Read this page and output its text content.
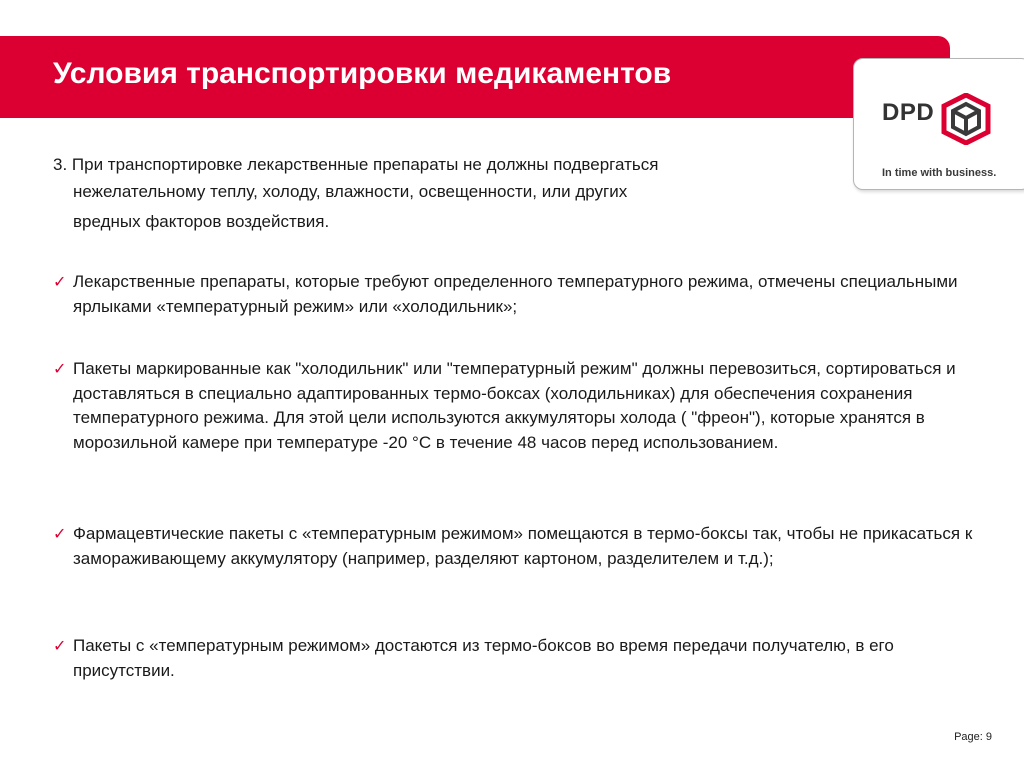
Условия транспортировки медикаментов
DPD
In time with business.
3. При транспортировке лекарственные препараты не должны подвергаться
нежелательному теплу, холоду, влажности, освещенности, или других
вредных факторов воздействия.
✓ Лекарственные препараты, которые требуют определенного температурного режима, отмечены специальными ярлыками «температурный режим» или «холодильник»;
✓ Пакеты маркированные как "холодильник" или "температурный режим" должны перевозиться, сортироваться и доставляться в специально адаптированных термо-боксах (холодильниках) для обеспечения сохранения температурного режима. Для этой цели используются аккумуляторы холода ( "фреон"), которые хранятся в морозильной камере при температуре -20 °C в течение 48 часов перед использованием.
✓ Фармацевтические пакеты с «температурным режимом» помещаются в термо-боксы так, чтобы не прикасаться к замораживающему аккумулятору (например, разделяют картоном, разделителем и т.д.);
✓ Пакеты с «температурным режимом» достаются из термо-боксов во время передачи получателю, в его присутствии.
Page: 9
